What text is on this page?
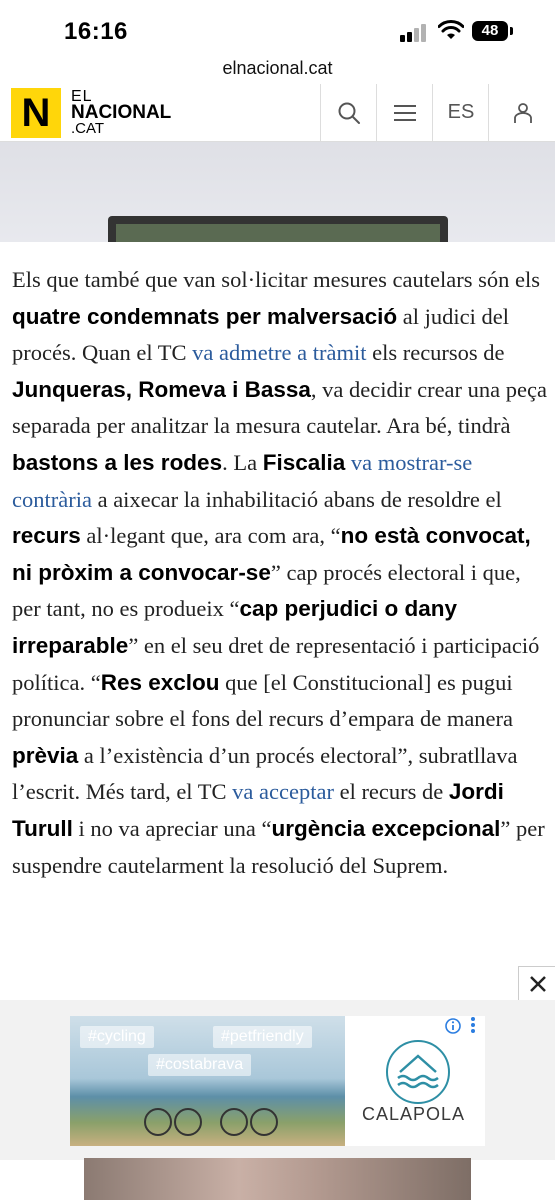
16:16	48
elnacional.cat
N	EL
NACIONAL
.CAT
ES

Els que també que van sol·licitar mesures cautelars són els quatre condemnats per malversació al judici del procés. Quan el TC va admetre a tràmit els recursos de Junqueras, Romeva i Bassa, va decidir crear una peça separada per analitzar la mesura cautelar. Ara bé, tindrà bastons a les rodes. La Fiscalia va mostrar-se contrària a aixecar la inhabilitació abans de resoldre el recurs al·legant que, ara com ara, “no està convocat, ni pròxim a convocar-se” cap procés electoral i que, per tant, no es produeix “cap perjudici o dany irreparable” en el seu dret de representació i participació política. “Res exclou que [el Constitucional] es pugui pronunciar sobre el fons del recurs d’empara de manera prèvia a l’existència d’un procés electoral”, subratllava l’escrit. Més tard, el TC va acceptar el recurs de Jordi Turull i no va apreciar una “urgència excepcional” per suspendre cautelarment la resolució del Suprem.

#cycling	#petfriendly
#costabrava
CALAPOLA
